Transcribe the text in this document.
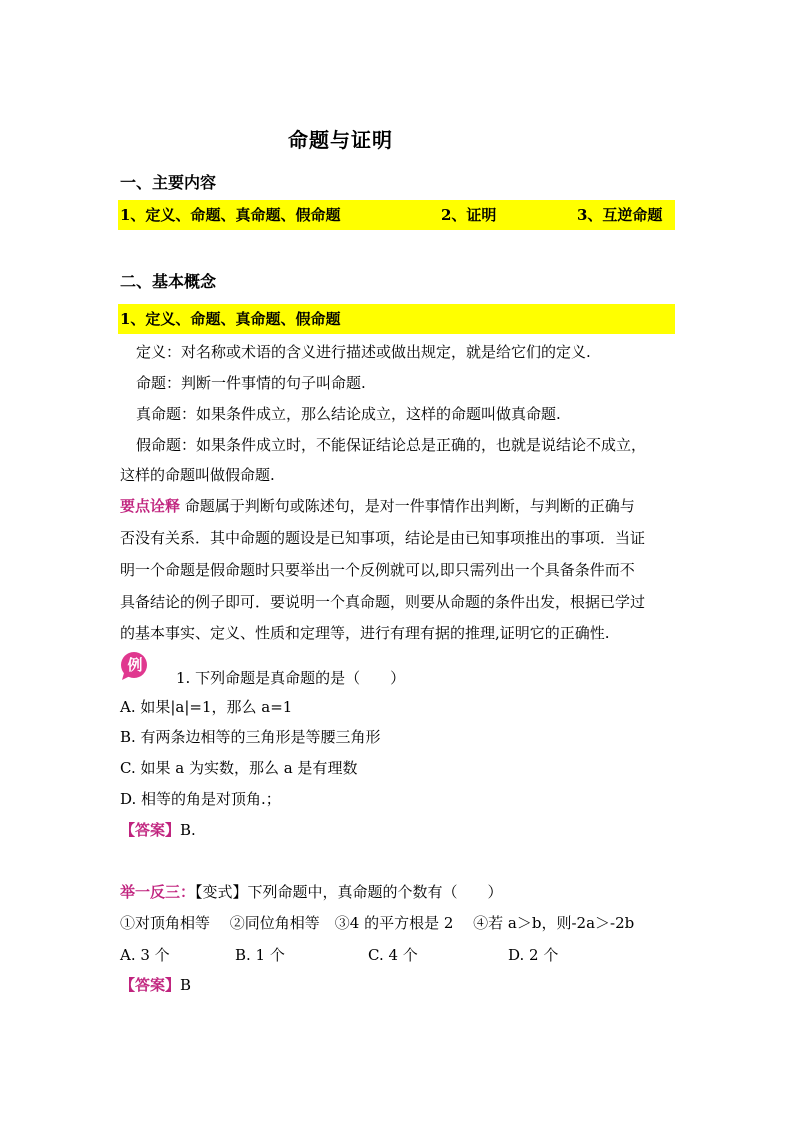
命题与证明
一、主要内容
1、定义、命题、真命题、假命题	2、证明	3、互逆命题
二、基本概念
1、定义、命题、真命题、假命题
定义：对名称或术语的含义进行描述或做出规定，就是给它们的定义.
命题：判断一件事情的句子叫命题.
真命题：如果条件成立，那么结论成立，这样的命题叫做真命题.
假命题：如果条件成立时，不能保证结论总是正确的，也就是说结论不成立，
这样的命题叫做假命题.
要点诠释 命题属于判断句或陈述句，是对一件事情作出判断，与判断的正确与
否没有关系．其中命题的题设是已知事项，结论是由已知事项推出的事项．当证
明一个命题是假命题时只要举出一个反例就可以,即只需列出一个具备条件而不
具备结论的例子即可．要说明一个真命题，则要从命题的条件出发，根据已学过
的基本事实、定义、性质和定理等，进行有理有据的推理,证明它的正确性.
例
1. 下列命题是真命题的是（　　）
A. 如果|a|=1，那么 a=1
B. 有两条边相等的三角形是等腰三角形
C. 如果 a 为实数，那么 a 是有理数
D. 相等的角是对顶角.；
【答案】B.
举一反三：【变式】下列命题中，真命题的个数有（　　）
①对顶角相等　 ②同位角相等　③4 的平方根是 2　 ④若 a＞b，则-2a＞-2b
A. 3 个	B. 1 个	C. 4 个	D. 2 个
【答案】B
